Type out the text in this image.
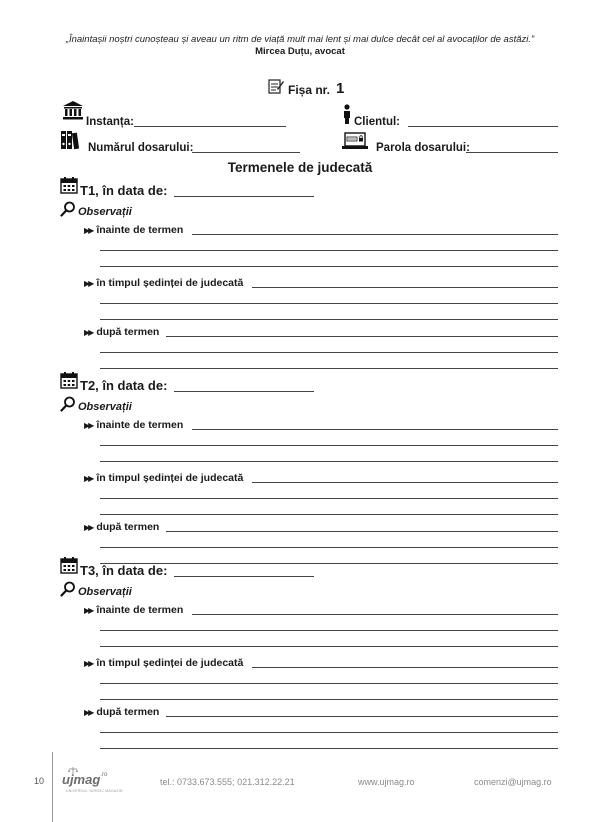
„Înaintașii noștri cunoșteau și aveau un ritm de viață mult mai lent și mai dulce decât cel al avocaților de astăzi.”
Mircea Duțu, avocat
Fișa nr. 1
Instanța:	Clientul:
Numărul dosarului:	Parola dosarului:
Termenele de judecată
T1, în data de:
Observații
▶▶ înainte de termen
▶▶ în timpul ședinței de judecată
▶▶ după termen
T2, în data de:
Observații
▶▶ înainte de termen
▶▶ în timpul ședinței de judecată
▶▶ după termen
T3, în data de:
Observații
▶▶ înainte de termen
▶▶ în timpul ședinței de judecată
▶▶ după termen
10 ujmag .ro
UNIVERSUL JURIDIC MAGAZIN
tel.: 0733.673.555; 021.312.22.21	www.ujmag.ro	comenzi@ujmag.ro
